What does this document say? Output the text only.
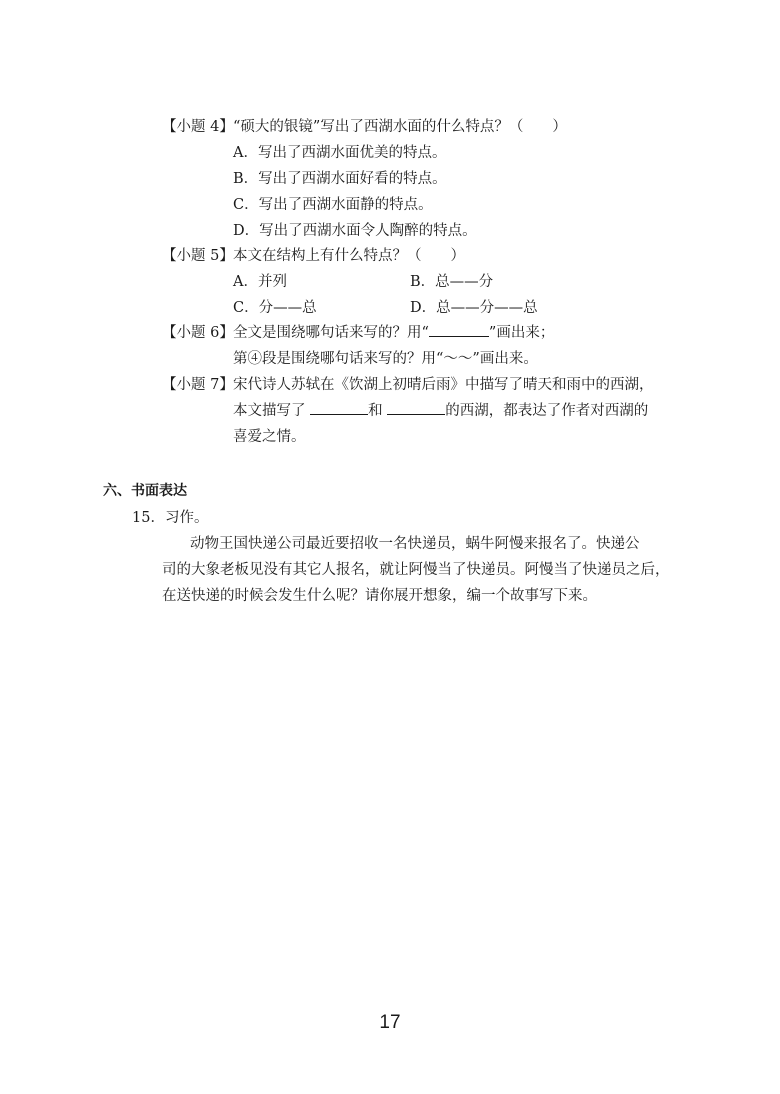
【小题 4】 “硕大的银镜”写出了西湖水面的什么特点？（　　）
A．写出了西湖水面优美的特点。
B．写出了西湖水面好看的特点。
C．写出了西湖水面静的特点。
D．写出了西湖水面令人陶醉的特点。
【小题 5】 本文在结构上有什么特点？（　　）
A．并列	B．总——分
C．分——总	D．总——分——总
【小题 6】 全文是围绕哪句话来写的？用“	”画出来；
第④段是围绕哪句话来写的？用“～～”画出来。
【小题 7】 宋代诗人苏轼在《饮湖上初晴后雨》中描写了晴天和雨中的西湖，
本文描写了	和	的西湖，都表达了作者对西湖的
喜爱之情。
六、书面表达
15．习作。
动物王国快递公司最近要招收一名快递员，蜗牛阿慢来报名了。快递公
司的大象老板见没有其它人报名，就让阿慢当了快递员。阿慢当了快递员之后，
在送快递的时候会发生什么呢？请你展开想象，编一个故事写下来。
17
